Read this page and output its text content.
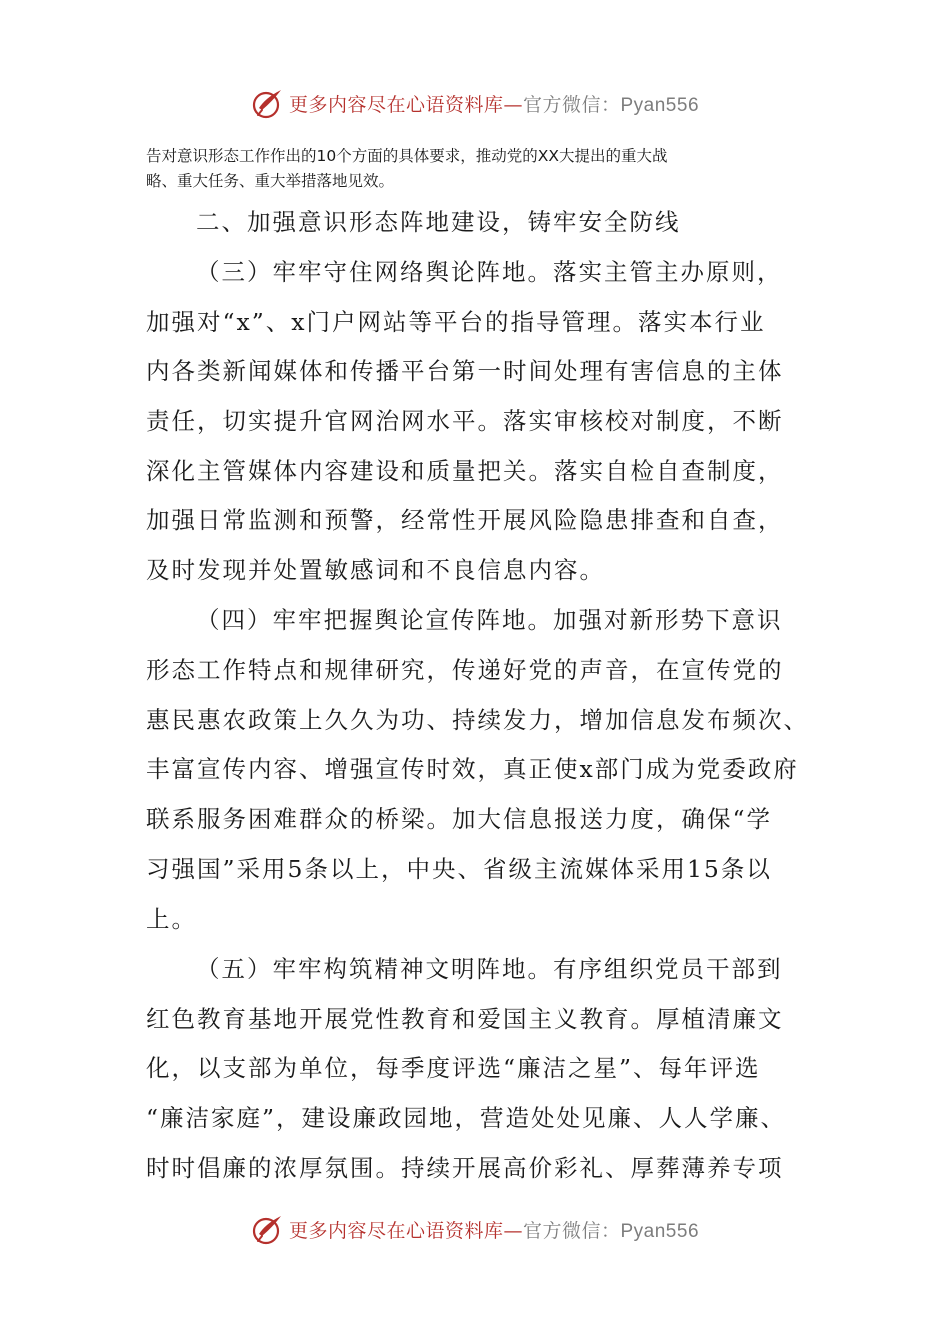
更多内容尽在心语资料库—官方微信：Pyan556

告对意识形态工作作出的10个方面的具体要求，推动党的XX大提出的重大战
略、重大任务、重大举措落地见效。

二、加强意识形态阵地建设，铸牢安全防线

（三）牢牢守住网络舆论阵地。落实主管主办原则，

加强对“x”、x门户网站等平台的指导管理。落实本行业

内各类新闻媒体和传播平台第一时间处理有害信息的主体

责任，切实提升官网治网水平。落实审核校对制度，不断

深化主管媒体内容建设和质量把关。落实自检自查制度，

加强日常监测和预警，经常性开展风险隐患排查和自查，

及时发现并处置敏感词和不良信息内容。

（四）牢牢把握舆论宣传阵地。加强对新形势下意识

形态工作特点和规律研究，传递好党的声音，在宣传党的

惠民惠农政策上久久为功、持续发力，增加信息发布频次、

丰富宣传内容、增强宣传时效，真正使x部门成为党委政府

联系服务困难群众的桥梁。加大信息报送力度，确保“学

习强国”采用5条以上，中央、省级主流媒体采用15条以

上。

（五）牢牢构筑精神文明阵地。有序组织党员干部到

红色教育基地开展党性教育和爱国主义教育。厚植清廉文

化，以支部为单位，每季度评选“廉洁之星”、每年评选

“廉洁家庭”，建设廉政园地，营造处处见廉、人人学廉、

时时倡廉的浓厚氛围。持续开展高价彩礼、厚葬薄养专项

更多内容尽在心语资料库—官方微信：Pyan556
